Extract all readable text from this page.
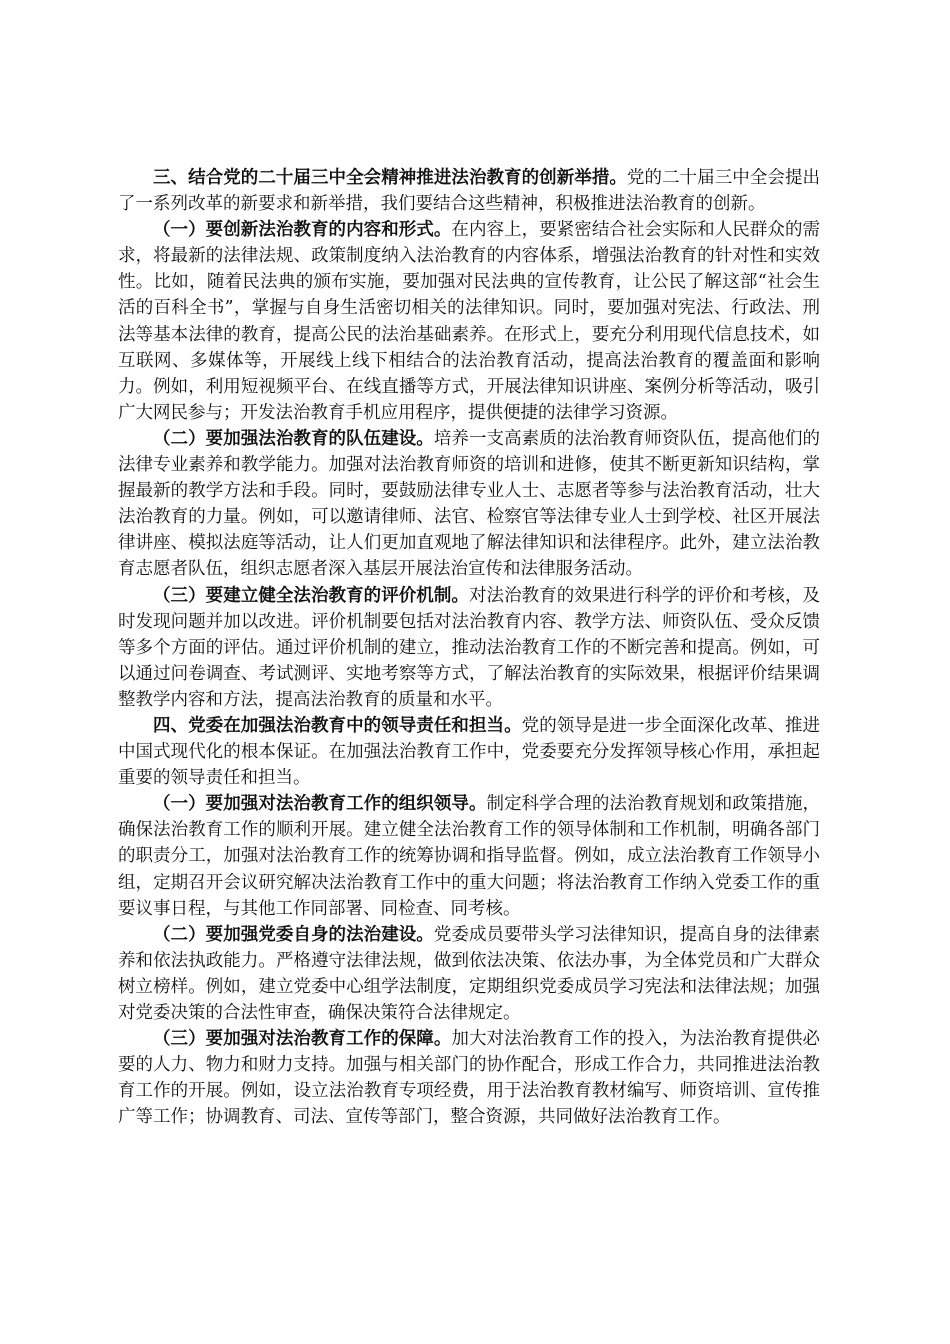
三、结合党的二十届三中全会精神推进法治教育的创新举措。党的二十届三中全会提出了一系列改革的新要求和新举措，我们要结合这些精神，积极推进法治教育的创新。

（一）要创新法治教育的内容和形式。在内容上，要紧密结合社会实际和人民群众的需求，将最新的法律法规、政策制度纳入法治教育的内容体系，增强法治教育的针对性和实效性。比如，随着民法典的颁布实施，要加强对民法典的宣传教育，让公民了解这部“社会生活的百科全书”，掌握与自身生活密切相关的法律知识。同时，要加强对宪法、行政法、刑法等基本法律的教育，提高公民的法治基础素养。在形式上，要充分利用现代信息技术，如互联网、多媒体等，开展线上线下相结合的法治教育活动，提高法治教育的覆盖面和影响力。例如，利用短视频平台、在线直播等方式，开展法律知识讲座、案例分析等活动，吸引广大网民参与；开发法治教育手机应用程序，提供便捷的法律学习资源。

（二）要加强法治教育的队伍建设。培养一支高素质的法治教育师资队伍，提高他们的法律专业素养和教学能力。加强对法治教育师资的培训和进修，使其不断更新知识结构，掌握最新的教学方法和手段。同时，要鼓励法律专业人士、志愿者等参与法治教育活动，壮大法治教育的力量。例如，可以邀请律师、法官、检察官等法律专业人士到学校、社区开展法律讲座、模拟法庭等活动，让人们更加直观地了解法律知识和法律程序。此外，建立法治教育志愿者队伍，组织志愿者深入基层开展法治宣传和法律服务活动。

（三）要建立健全法治教育的评价机制。对法治教育的效果进行科学的评价和考核，及时发现问题并加以改进。评价机制要包括对法治教育内容、教学方法、师资队伍、受众反馈等多个方面的评估。通过评价机制的建立，推动法治教育工作的不断完善和提高。例如，可以通过问卷调查、考试测评、实地考察等方式，了解法治教育的实际效果，根据评价结果调整教学内容和方法，提高法治教育的质量和水平。

四、党委在加强法治教育中的领导责任和担当。党的领导是进一步全面深化改革、推进中国式现代化的根本保证。在加强法治教育工作中，党委要充分发挥领导核心作用，承担起重要的领导责任和担当。

（一）要加强对法治教育工作的组织领导。制定科学合理的法治教育规划和政策措施，确保法治教育工作的顺利开展。建立健全法治教育工作的领导体制和工作机制，明确各部门的职责分工，加强对法治教育工作的统筹协调和指导监督。例如，成立法治教育工作领导小组，定期召开会议研究解决法治教育工作中的重大问题；将法治教育工作纳入党委工作的重要议事日程，与其他工作同部署、同检查、同考核。

（二）要加强党委自身的法治建设。党委成员要带头学习法律知识，提高自身的法律素养和依法执政能力。严格遵守法律法规，做到依法决策、依法办事，为全体党员和广大群众树立榜样。例如，建立党委中心组学法制度，定期组织党委成员学习宪法和法律法规；加强对党委决策的合法性审查，确保决策符合法律规定。

（三）要加强对法治教育工作的保障。加大对法治教育工作的投入，为法治教育提供必要的人力、物力和财力支持。加强与相关部门的协作配合，形成工作合力，共同推进法治教育工作的开展。例如，设立法治教育专项经费，用于法治教育教材编写、师资培训、宣传推广等工作；协调教育、司法、宣传等部门，整合资源，共同做好法治教育工作。
